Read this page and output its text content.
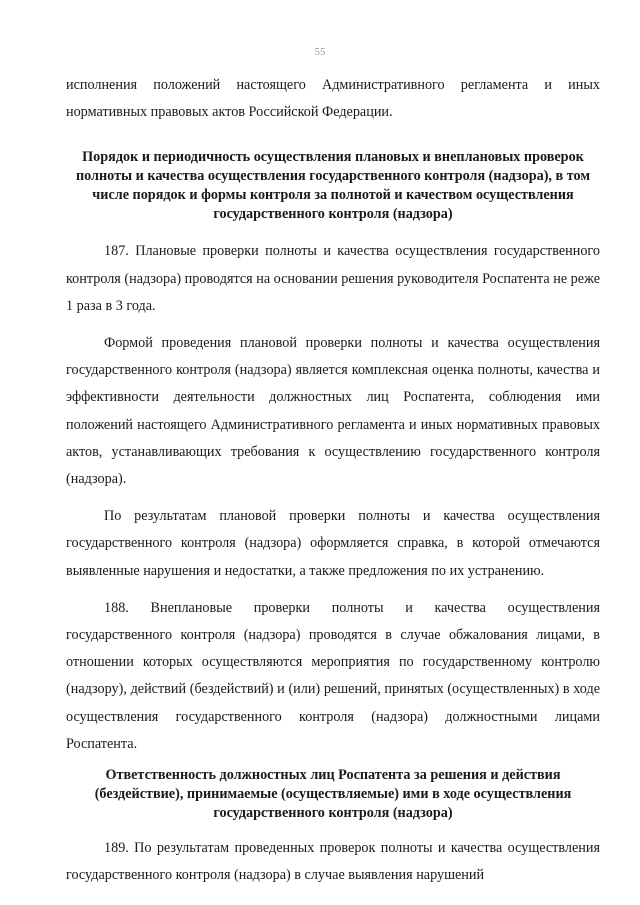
55

исполнения положений настоящего Административного регламента и иных нормативных правовых актов Российской Федерации.

Порядок и периодичность осуществления плановых и внеплановых проверок полноты и качества осуществления государственного контроля (надзора), в том числе порядок и формы контроля за полнотой и качеством осуществления государственного контроля (надзора)

187. Плановые проверки полноты и качества осуществления государственного контроля (надзора) проводятся на основании решения руководителя Роспатента не реже 1 раза в 3 года.

Формой проведения плановой проверки полноты и качества осуществления государственного контроля (надзора) является комплексная оценка полноты, качества и эффективности деятельности должностных лиц Роспатента, соблюдения ими положений настоящего Административного регламента и иных нормативных правовых актов, устанавливающих требования к осуществлению государственного контроля (надзора).

По результатам плановой проверки полноты и качества осуществления государственного контроля (надзора) оформляется справка, в которой отмечаются выявленные нарушения и недостатки, а также предложения по их устранению.

188. Внеплановые проверки полноты и качества осуществления государственного контроля (надзора) проводятся в случае обжалования лицами, в отношении которых осуществляются мероприятия по государственному контролю (надзору), действий (бездействий) и (или) решений, принятых (осуществленных) в ходе осуществления государственного контроля (надзора) должностными лицами Роспатента.

Ответственность должностных лиц Роспатента за решения и действия (бездействие), принимаемые (осуществляемые) ими в ходе осуществления государственного контроля (надзора)

189. По результатам проведенных проверок полноты и качества осуществления государственного контроля (надзора) в случае выявления нарушений
